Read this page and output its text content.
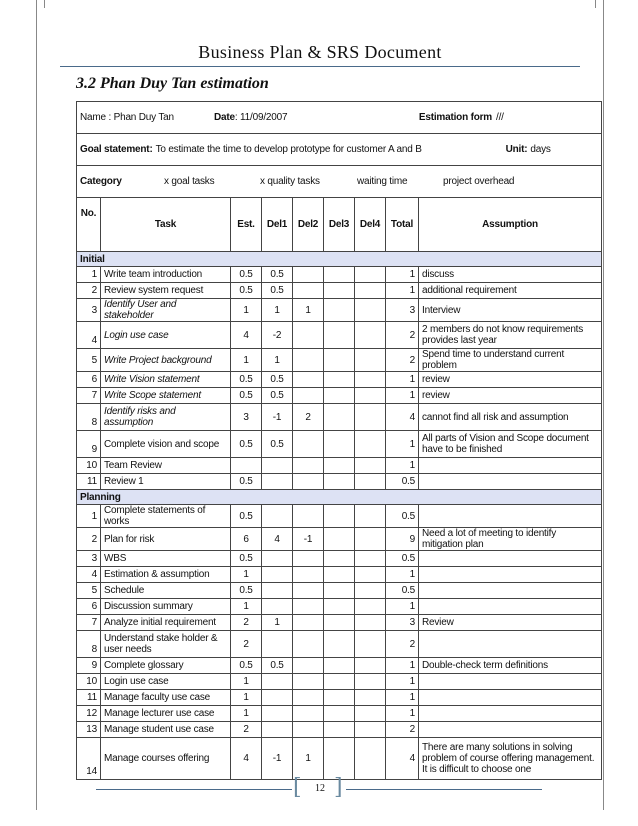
Business Plan & SRS Document
3.2 Phan Duy Tan estimation
Name : Phan Duy Tan Date : 11/09/2007 Estimation form ///								

Goal statement: To estimate the time to develop prototype for customer A and B Unit: days								

Category x goal tasks x quality tasks waiting time project overhead								

No.	Task	Est.	Del1	Del2	Del3	Del4	Total	Assumption
Initial								
1	Write team introduction	0.5	0.5				1	discuss
2	Review system request	0.5	0.5				1	additional requirement
3	Identify User and stakeholder	1	1	1			3	Interview
4	Login use case	4	-2				2	2 members do not know requirements provides last year
5	Write Project background	1	1				2	Spend time to understand current problem
6	Write Vision statement	0.5	0.5				1	review
7	Write Scope statement	0.5	0.5				1	review
8	Identify risks and assumption	3	-1	2			4	cannot find all risk and assumption
9	Complete vision and scope	0.5	0.5				1	All parts of Vision and Scope document have to be finished
10	Team Review						1	
11	Review 1	0.5					0.5	
Planning								
1	Complete statements of works	0.5					0.5	
2	Plan for risk	6	4	-1			9	Need a lot of meeting to identify mitigation plan
3	WBS	0.5					0.5	
4	Estimation & assumption	1					1	
5	Schedule	0.5					0.5	
6	Discussion summary	1					1	
7	Analyze initial requirement	2	1				3	Review
8	Understand stake holder & user needs	2					2	
9	Complete glossary	0.5	0.5				1	Double-check term definitions
10	Login use case	1					1	
11	Manage faculty use case	1					1	
12	Manage lecturer use case	1					1	
13	Manage student use case	2					2	
14	Manage courses offering	4	-1	1			4	There are many solutions in solving problem of course offering management. It is difficult to choose one
[	12 ]
